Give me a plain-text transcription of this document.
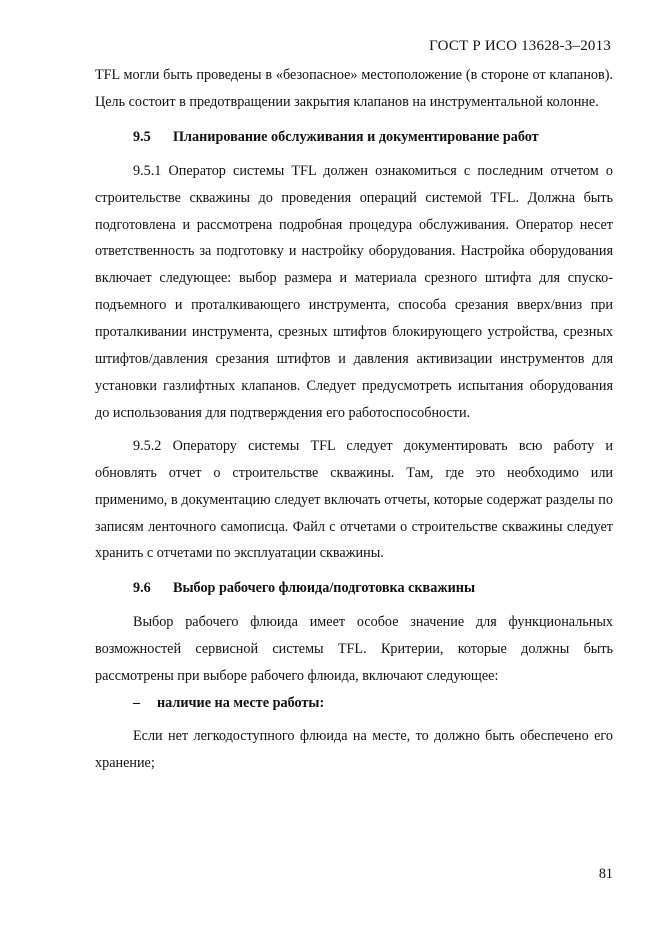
ГОСТ Р ИСО 13628-3–2013

TFL могли быть проведены в «безопасное» местоположение (в стороне от клапанов). Цель состоит в предотвращении закрытия клапанов на инструментальной колонне.

9.5 Планирование обслуживания и документирование работ

9.5.1 Оператор системы TFL должен ознакомиться с последним отчетом о строительстве скважины до проведения операций системой TFL. Должна быть подготовлена и рассмотрена подробная процедура обслуживания. Оператор несет ответственность за подготовку и настройку оборудования. Настройка оборудования включает следующее: выбор размера и материала срезного штифта для спуско-подъемного и проталкивающего инструмента, способа срезания вверх/вниз при проталкивании инструмента, срезных штифтов блокирующего устройства, срезных штифтов/давления срезания штифтов и давления активизации инструментов для установки газлифтных клапанов. Следует предусмотреть испытания оборудования до использования для подтверждения его работоспособности.

9.5.2 Оператору системы TFL следует документировать всю работу и обновлять отчет о строительстве скважины. Там, где это необходимо или применимо, в документацию следует включать отчеты, которые содержат разделы по записям ленточного самописца. Файл с отчетами о строительстве скважины следует хранить с отчетами по эксплуатации скважины.

9.6 Выбор рабочего флюида/подготовка скважины

Выбор рабочего флюида имеет особое значение для функциональных возможностей сервисной системы TFL. Критерии, которые должны быть рассмотрены при выборе рабочего флюида, включают следующее:

– наличие на месте работы:

Если нет легкодоступного флюида на месте, то должно быть обеспечено его хранение;

81
